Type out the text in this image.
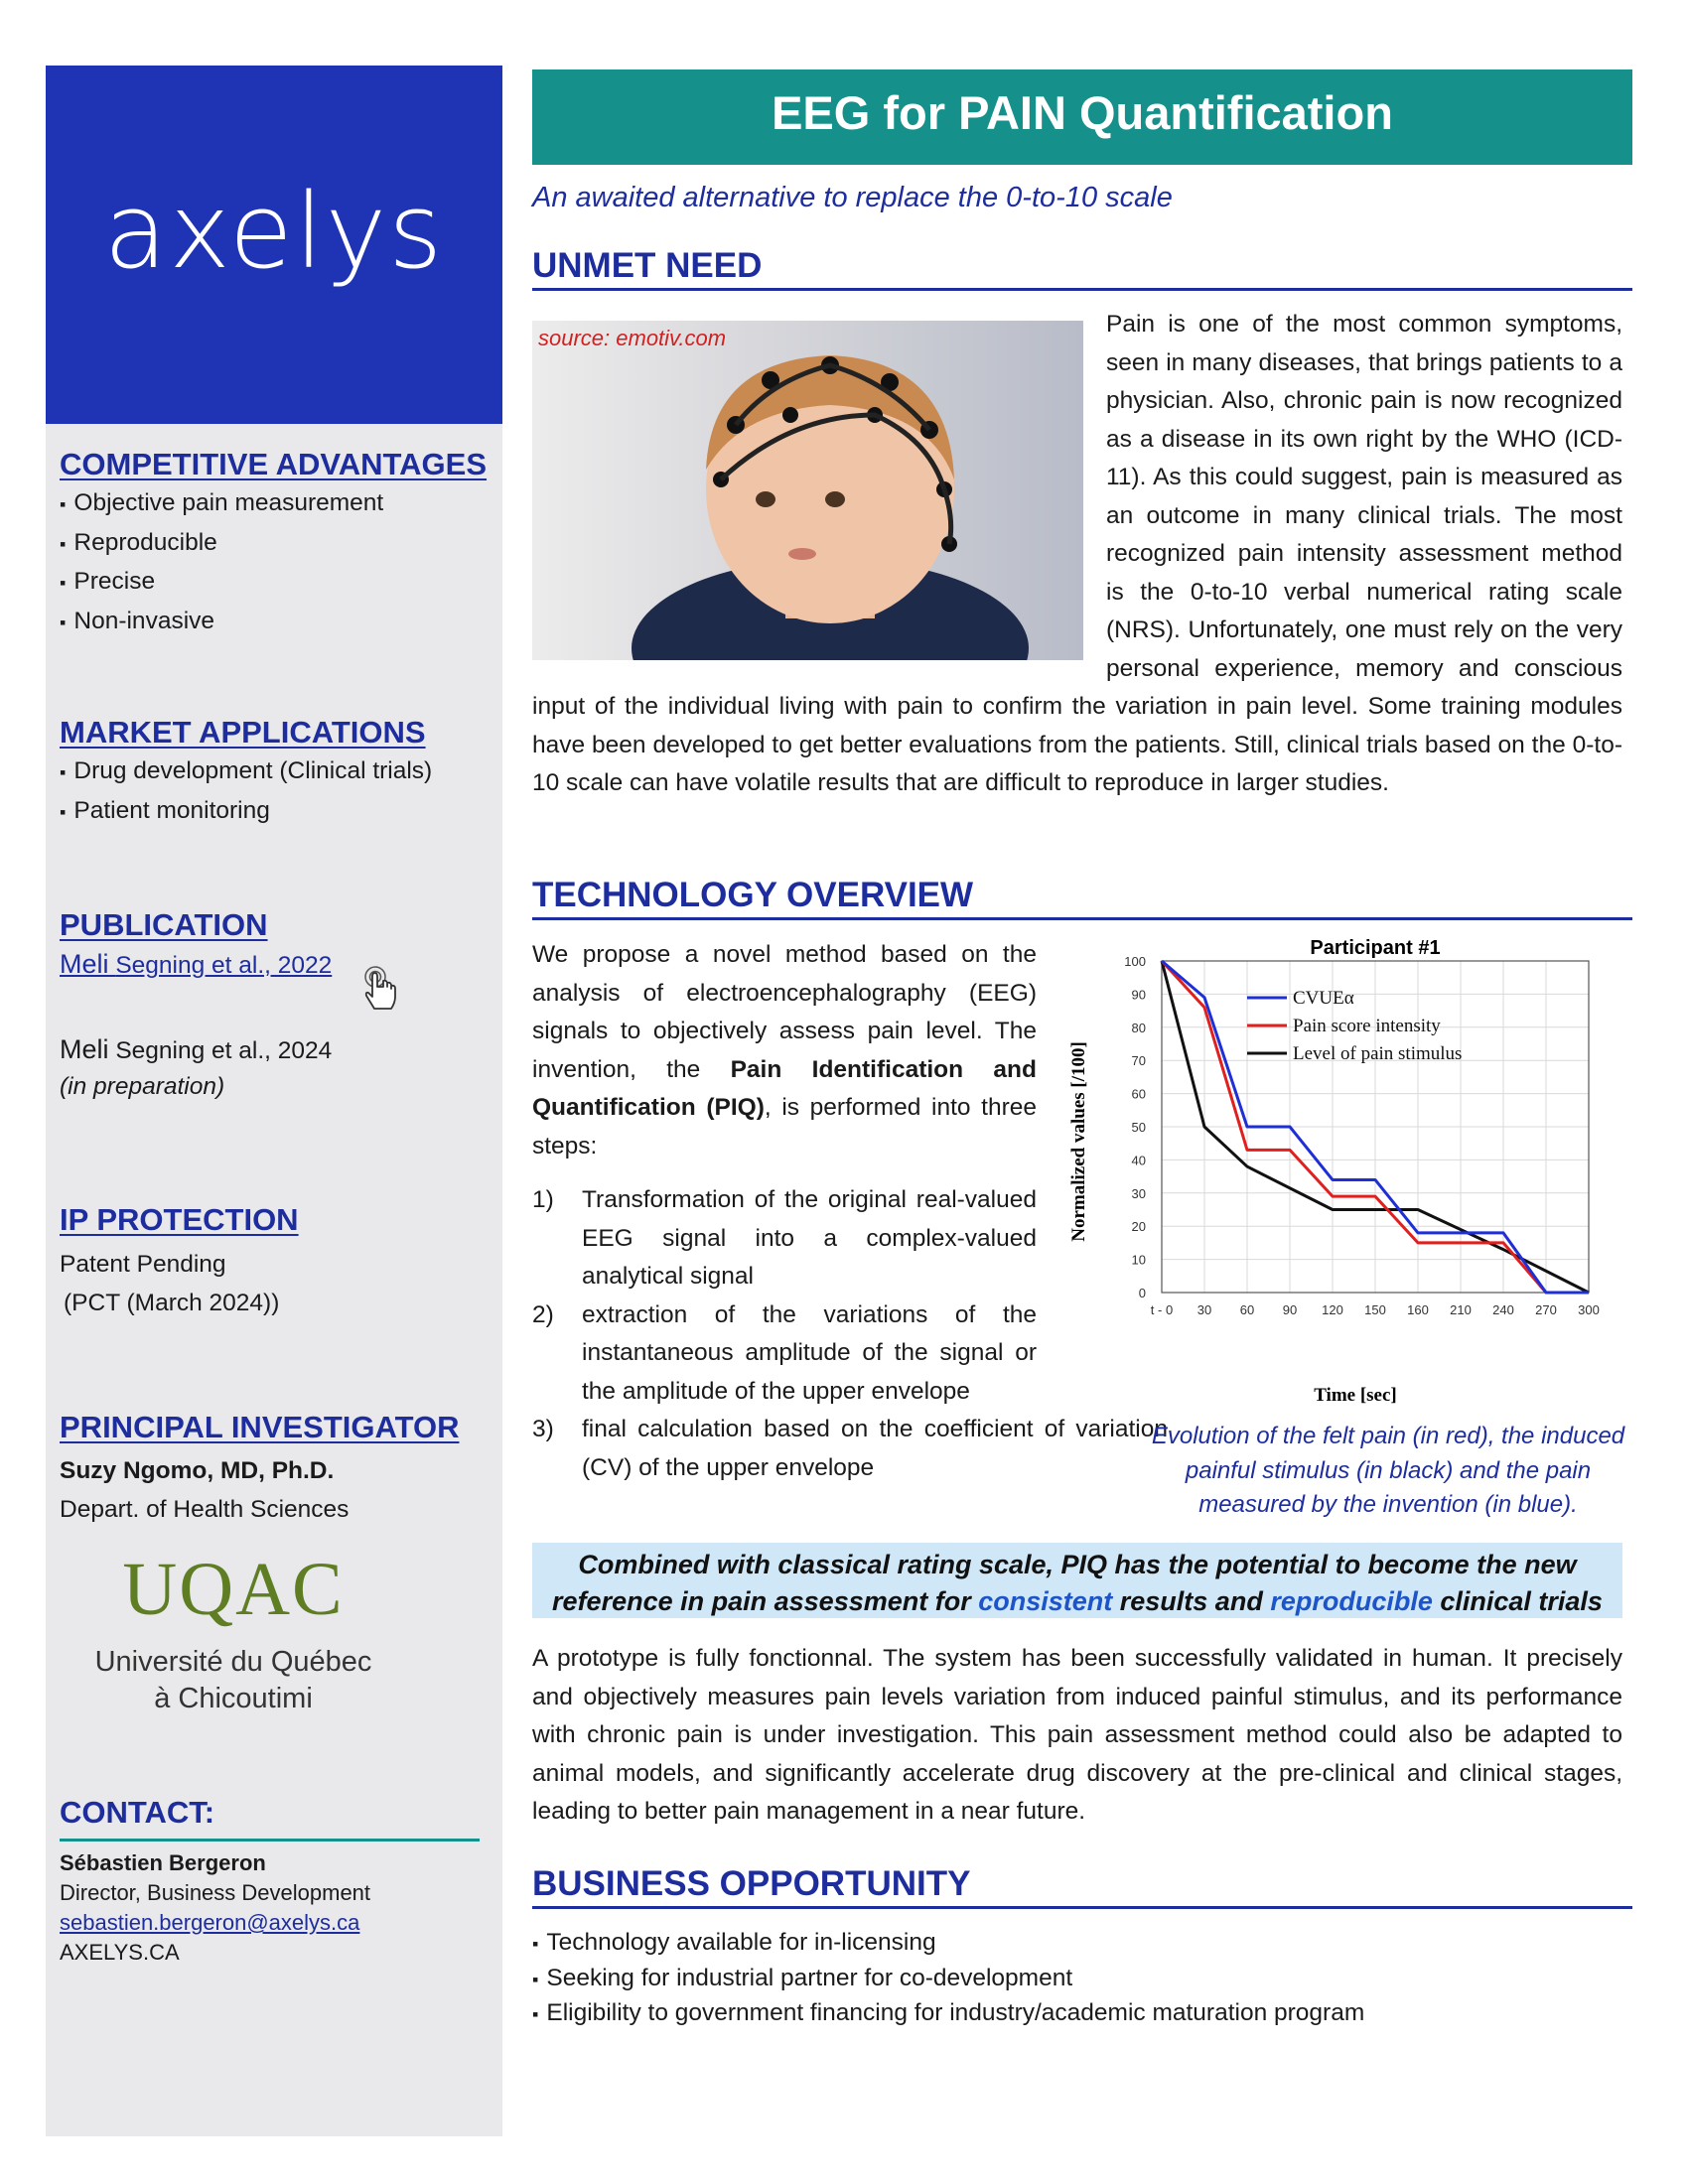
axelys
COMPETITIVE ADVANTAGES
▪ Objective pain measurement
▪ Reproducible
▪ Precise
▪ Non-invasive
MARKET APPLICATIONS
▪ Drug development (Clinical trials)
▪ Patient monitoring
PUBLICATION
Meli Segning et al., 2022
Meli Segning et al., 2024
(in preparation)
IP PROTECTION
Patent Pending
(PCT (March 2024))
PRINCIPAL INVESTIGATOR
Suzy Ngomo, MD, Ph.D.
Depart. of Health Sciences
UQAC
Université du Québec
à Chicoutimi
CONTACT:
Sébastien Bergeron
Director, Business Development
sebastien.bergeron@axelys.ca
AXELYS.CA
EEG for PAIN Quantification
An awaited alternative to replace the 0-to-10 scale
UNMET NEED
source: emotiv.com

Pain is one of the most common symptoms, seen in many diseases, that brings patients to a physician. Also, chronic pain is now recognized as a disease in its own right by the WHO (ICD-11). As this could suggest, pain is measured as an outcome in many clinical trials. The most recognized pain intensity assessment method is the 0-to-10 verbal numerical rating scale (NRS). Unfortunately, one must rely on the very personal experience, memory and conscious input of the individual living with pain to confirm the variation in pain level. Some training modules have been developed to get better evaluations from the patients. Still, clinical trials based on the 0-to-10 scale can have volatile results that are difficult to reproduce in larger studies.

TECHNOLOGY OVERVIEW

We propose a novel method based on the analysis of electroencephalography (EEG) signals to objectively assess pain level. The invention, the Pain Identification and Quantification (PIQ), is performed into three steps:

1) Transformation of the original real-valued EEG signal into a complex-valued analytical signal
2) extraction of the variations of the instantaneous amplitude of the signal or the amplitude of the upper envelope
3) final calculation based on the coefficient of variation (CV) of the upper envelope
Participant #1
0
10
20
30
40
50
60
70
80
90
100
t - 0 30 60 90 120 150 160 210 240 270 300
CVUEα
Pain score intensity
Level of pain stimulus
Time [sec]
Normalized values [/100]
Evolution of the felt pain (in red), the induced painful stimulus (in black) and the pain measured by the invention (in blue).
Combined with classical rating scale, PIQ has the potential to become the new reference in pain assessment for consistent results and reproducible clinical trials

A prototype is fully fonctionnal. The system has been successfully validated in human. It precisely and objectively measures pain levels variation from induced painful stimulus, and its performance with chronic pain is under investigation. This pain assessment method could also be adapted to animal models, and significantly accelerate drug discovery at the pre-clinical and clinical stages, leading to better pain management in a near future.

BUSINESS OPPORTUNITY
▪ Technology available for in-licensing
▪ Seeking for industrial partner for co-development
▪ Eligibility to government financing for industry/academic maturation program
